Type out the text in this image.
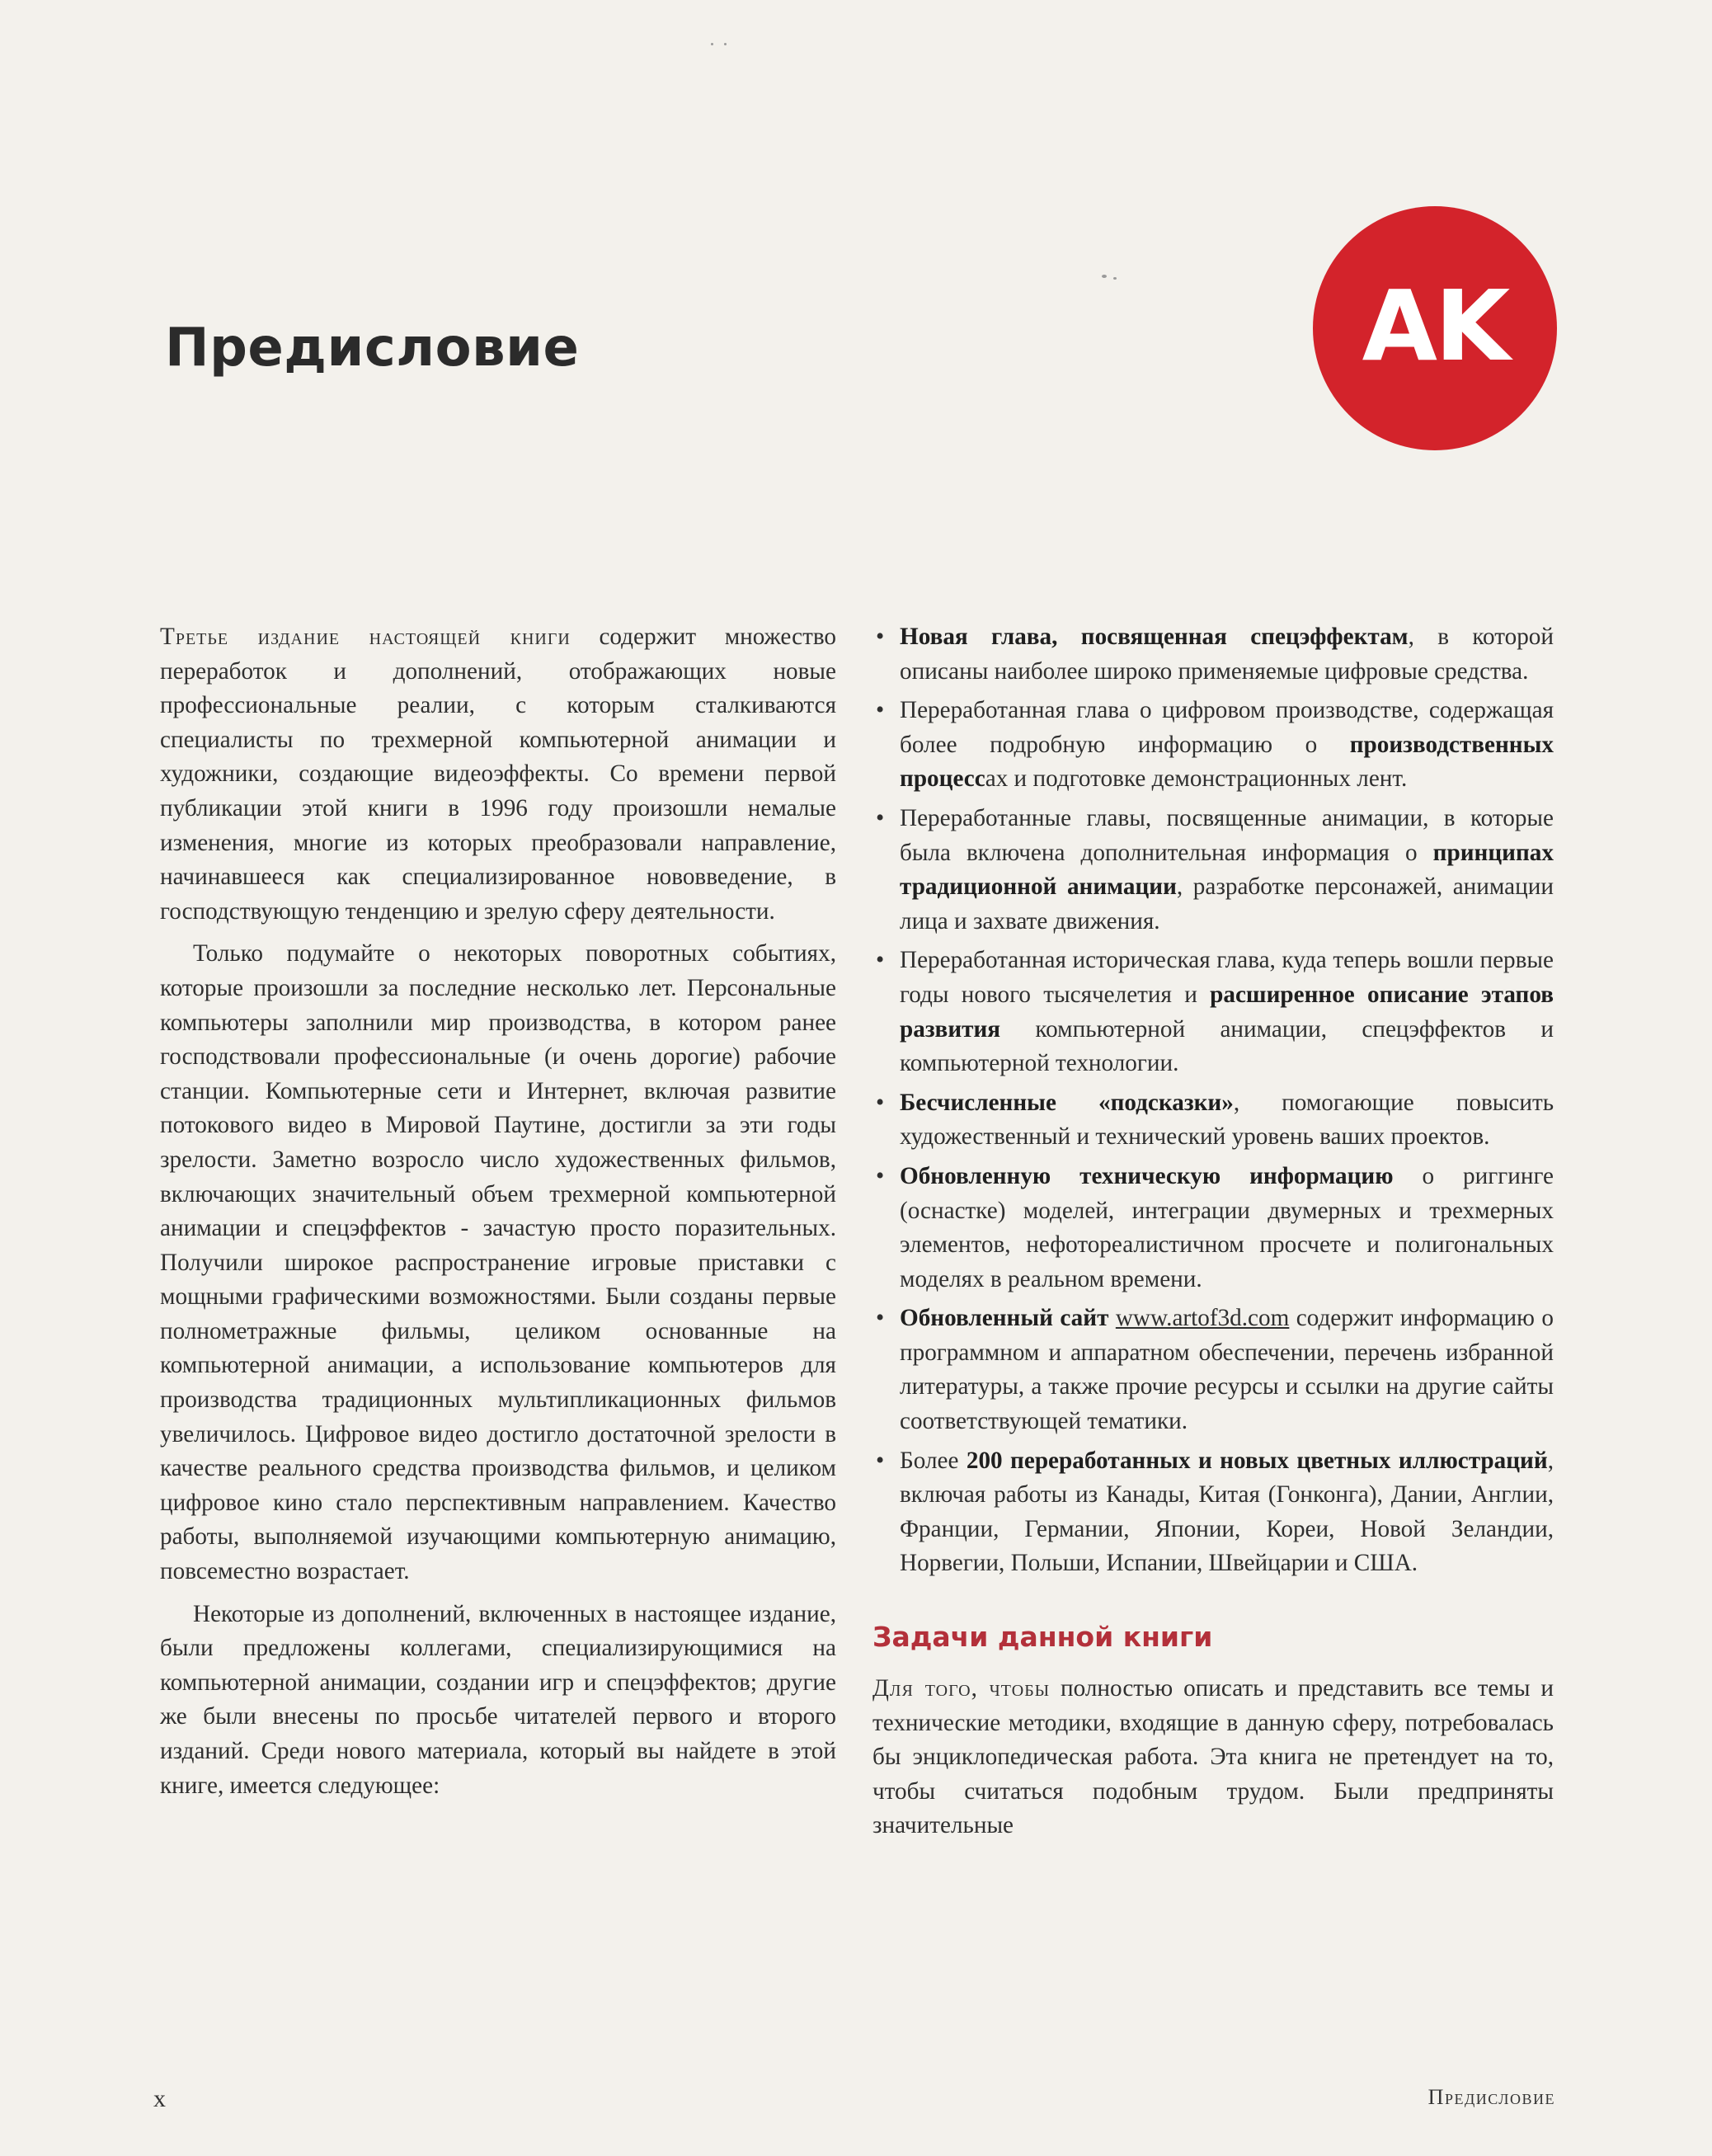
Предисловие	AK

Третье издание настоящей книги содержит множество переработок и дополнений, отображающих новые профессиональные реалии, с которым сталкиваются специалисты по трехмерной компьютерной анимации и художники, создающие видеоэффекты. Со времени первой публикации этой книги в 1996 году произошли немалые изменения, многие из которых преобразовали направление, начинавшееся как специализированное нововведение, в господствующую тенденцию и зрелую сферу деятельности.

Только подумайте о некоторых поворотных событиях, которые произошли за последние несколько лет. Персональные компьютеры заполнили мир производства, в котором ранее господствовали профессиональные (и очень дорогие) рабочие станции. Компьютерные сети и Интернет, включая развитие потокового видео в Мировой Паутине, достигли за эти годы зрелости. Заметно возросло число художественных фильмов, включающих значительный объем трехмерной компьютерной анимации и спецэффектов - зачастую просто поразительных. Получили широкое распространение игровые приставки с мощными графическими возможностями. Были созданы первые полнометражные фильмы, целиком основанные на компьютерной анимации, а использование компьютеров для производства традиционных мультипликационных фильмов увеличилось. Цифровое видео достигло достаточной зрелости в качестве реального средства производства фильмов, и целиком цифровое кино стало перспективным направлением. Качество работы, выполняемой изучающими компьютерную анимацию, повсеместно возрастает.

Некоторые из дополнений, включенных в настоящее издание, были предложены коллегами, специализирующимися на компьютерной анимации, создании игр и спецэффектов; другие же были внесены по просьбе читателей первого и второго изданий. Среди нового материала, который вы найдете в этой книге, имеется следующее:

• Новая глава, посвященная спецэффектам, в которой описаны наиболее широко применяемые цифровые средства.
• Переработанная глава о цифровом производстве, содержащая более подробную информацию о производственных процессах и подготовке демонстрационных лент.
• Переработанные главы, посвященные анимации, в которые была включена дополнительная информация о принципах традиционной анимации, разработке персонажей, анимации лица и захвате движения.
• Переработанная историческая глава, куда теперь вошли первые годы нового тысячелетия и расширенное описание этапов развития компьютерной анимации, спецэффектов и компьютерной технологии.
• Бесчисленные «подсказки», помогающие повысить художественный и технический уровень ваших проектов.
• Обновленную техническую информацию о риггинге (оснастке) моделей, интеграции двумерных и трехмерных элементов, нефотореалистичном просчете и полигональных моделях в реальном времени.
• Обновленный сайт www.artof3d.com содержит информацию о программном и аппаратном обеспечении, перечень избранной литературы, а также прочие ресурсы и ссылки на другие сайты соответствующей тематики.
• Более 200 переработанных и новых цветных иллюстраций, включая работы из Канады, Китая (Гонконга), Дании, Англии, Франции, Германии, Японии, Кореи, Новой Зеландии, Норвегии, Польши, Испании, Швейцарии и США.
Задачи данной книги

Для того, чтобы полностью описать и представить все темы и технические методики, входящие в данную сферу, потребовалась бы энциклопедическая работа. Эта книга не претендует на то, чтобы считаться подобным трудом. Были предприняты значительные

x	Предисловие
